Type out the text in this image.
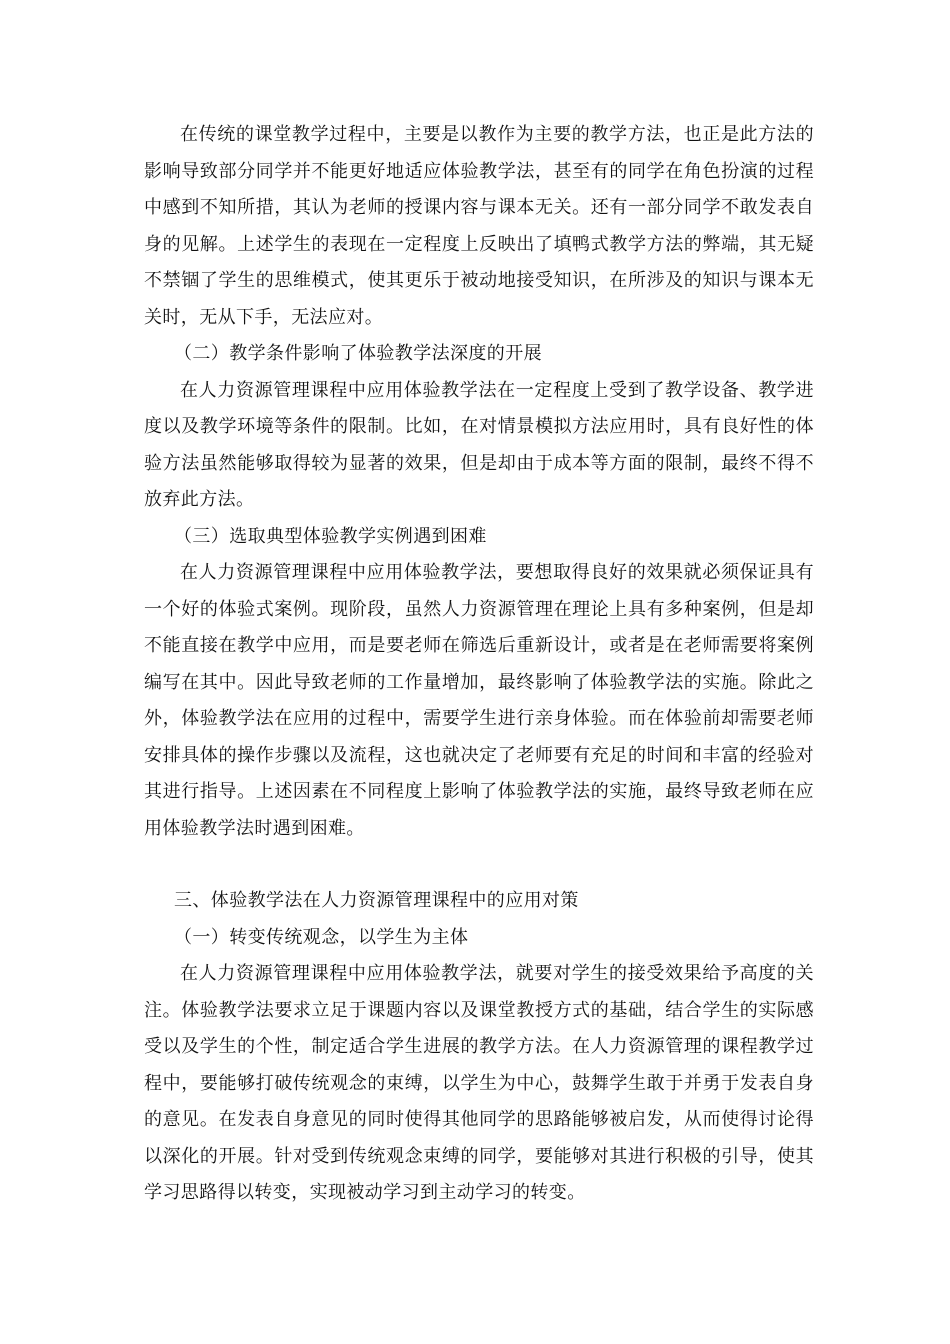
在传统的课堂教学过程中，主要是以教作为主要的教学方法，也正是此方法的影响导致部分同学并不能更好地适应体验教学法，甚至有的同学在角色扮演的过程中感到不知所措，其认为老师的授课内容与课本无关。还有一部分同学不敢发表自身的见解。上述学生的表现在一定程度上反映出了填鸭式教学方法的弊端，其无疑不禁锢了学生的思维模式，使其更乐于被动地接受知识，在所涉及的知识与课本无关时，无从下手，无法应对。

（二）教学条件影响了体验教学法深度的开展

在人力资源管理课程中应用体验教学法在一定程度上受到了教学设备、教学进度以及教学环境等条件的限制。比如，在对情景模拟方法应用时，具有良好性的体验方法虽然能够取得较为显著的效果，但是却由于成本等方面的限制，最终不得不放弃此方法。

（三）选取典型体验教学实例遇到困难

在人力资源管理课程中应用体验教学法，要想取得良好的效果就必须保证具有一个好的体验式案例。现阶段，虽然人力资源管理在理论上具有多种案例，但是却不能直接在教学中应用，而是要老师在筛选后重新设计，或者是在老师需要将案例编写在其中。因此导致老师的工作量增加，最终影响了体验教学法的实施。除此之外，体验教学法在应用的过程中，需要学生进行亲身体验。而在体验前却需要老师安排具体的操作步骤以及流程，这也就决定了老师要有充足的时间和丰富的经验对其进行指导。上述因素在不同程度上影响了体验教学法的实施，最终导致老师在应用体验教学法时遇到困难。

三、体验教学法在人力资源管理课程中的应用对策

（一）转变传统观念，以学生为主体

在人力资源管理课程中应用体验教学法，就要对学生的接受效果给予高度的关注。体验教学法要求立足于课题内容以及课堂教授方式的基础，结合学生的实际感受以及学生的个性，制定适合学生进展的教学方法。在人力资源管理的课程教学过程中，要能够打破传统观念的束缚，以学生为中心，鼓舞学生敢于并勇于发表自身的意见。在发表自身意见的同时使得其他同学的思路能够被启发，从而使得讨论得以深化的开展。针对受到传统观念束缚的同学，要能够对其进行积极的引导，使其学习思路得以转变，实现被动学习到主动学习的转变。
